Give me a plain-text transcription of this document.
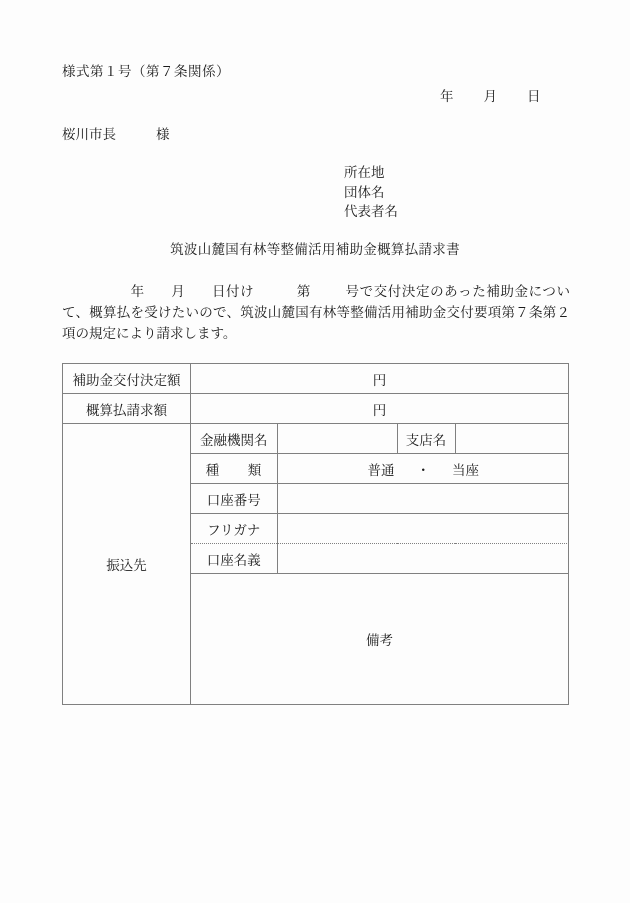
様式第１号（第７条関係）
年 月 日
桜川市長	様
所在地
団体名
代表者名
筑波山麓国有林等整備活用補助金概算払請求書
年 月 日付け	第	号で交付決定のあった補助金について、概算払を受けたいので、筑波山麓国有林等整備活用補助金交付要項第７条第２項の規定により請求します。
補助金交付決定額	円
概算払請求額	円
振込先	
金融機関名		支店名	
種 類	普通 ・ 当座
口座番号	
フリガナ	
口座名義	

備考	
